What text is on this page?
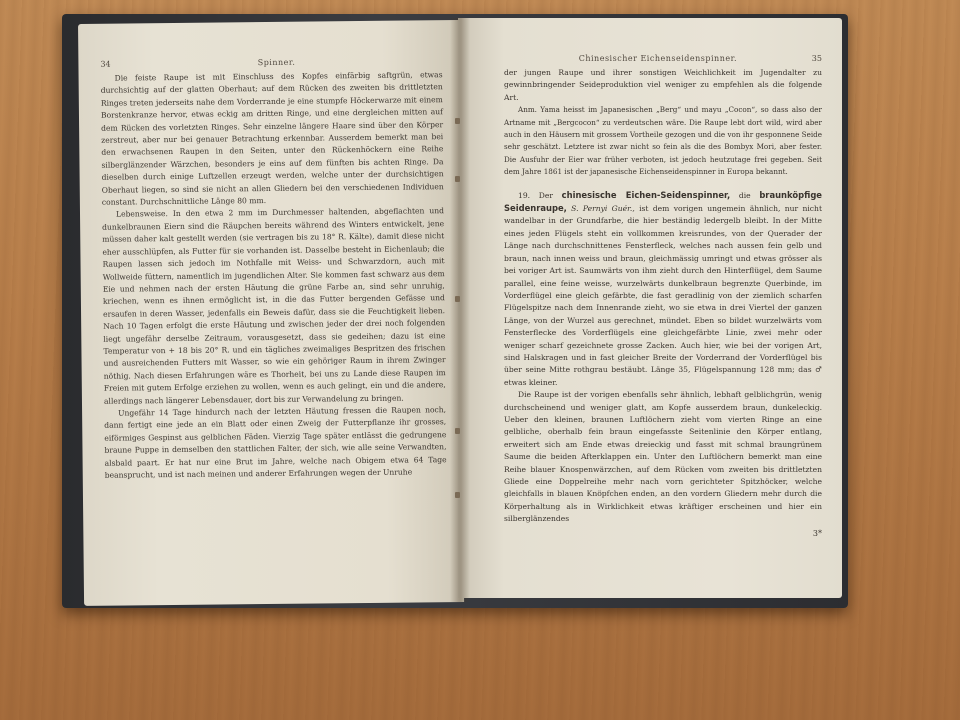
34	Spinner.

Die feiste Raupe ist mit Einschluss des Kopfes einfärbig saftgrün, etwas durchsichtig auf der glatten Oberhaut; auf dem Rücken des zweiten bis drittletzten Ringes treten jederseits nahe dem Vorderrande je eine stumpfe Höckerwarze mit einem Borstenkranze hervor, etwas eckig am dritten Ringe, und eine dergleichen mitten auf dem Rücken des vorletzten Ringes. Sehr einzelne längere Haare sind über den Körper zerstreut, aber nur bei genauer Betrachtung erkennbar. Ausserdem bemerkt man bei den erwachsenen Raupen in den Seiten, unter den Rückenhöckern eine Reihe silberglänzender Wärzchen, besonders je eins auf dem fünften bis achten Ringe. Da dieselben durch einige Luftzellen erzeugt werden, welche unter der durchsichtigen Oberhaut liegen, so sind sie nicht an allen Gliedern bei den verschiedenen Individuen constant. Durchschnittliche Länge 80 mm.

Lebensweise. In den etwa 2 mm im Durchmesser haltenden, abgeflachten und dunkelbraunen Eiern sind die Räupchen bereits während des Winters entwickelt, jene müssen daher kalt gestellt werden (sie vertragen bis zu 18° R. Kälte), damit diese nicht eher ausschlüpfen, als Futter für sie vorhanden ist. Dasselbe besteht in Eichenlaub; die Raupen lassen sich jedoch im Nothfalle mit Weiss- und Schwarzdorn, auch mit Wollweide füttern, namentlich im jugendlichen Alter. Sie kommen fast schwarz aus dem Eie und nehmen nach der ersten Häutung die grüne Farbe an, sind sehr unruhig, kriechen, wenn es ihnen ermöglicht ist, in die das Futter bergenden Gefässe und ersaufen in deren Wasser, jedenfalls ein Beweis dafür, dass sie die Feuchtigkeit lieben. Nach 10 Tagen erfolgt die erste Häutung und zwischen jeder der drei noch folgenden liegt ungefähr derselbe Zeitraum, vorausgesetzt, dass sie gedeihen; dazu ist eine Temperatur von + 18 bis 20° R. und ein tägliches zweimaliges Bespritzen des frischen und ausreichenden Futters mit Wasser, so wie ein gehöriger Raum in ihrem Zwinger nöthig. Nach diesen Erfahrungen wäre es Thorheit, bei uns zu Lande diese Raupen im Freien mit gutem Erfolge erziehen zu wollen, wenn es auch gelingt, ein und die andere, allerdings nach längerer Lebensdauer, dort bis zur Verwandelung zu bringen.

Ungefähr 14 Tage hindurch nach der letzten Häutung fressen die Raupen noch, dann fertigt eine jede an ein Blatt oder einen Zweig der Futterpflanze ihr grosses, eiförmiges Gespinst aus gelblichen Fäden. Vierzig Tage später entlässt die gedrungene braune Puppe in demselben den stattlichen Falter, der sich, wie alle seine Verwandten, alsbald paart. Er hat nur eine Brut im Jahre, welche nach Obigem etwa 64 Tage beansprucht, und ist nach meinen und anderer Erfahrungen wegen der Unruhe

Chinesischer Eichenseidenspinner.	35

der jungen Raupe und ihrer sonstigen Weichlichkeit im Jugendalter zu gewinnbringender Seideproduktion viel weniger zu empfehlen als die folgende Art.

Anm. Yama heisst im Japanesischen „Berg“ und mayu „Cocon“, so dass also der Artname mit „Bergcocon“ zu verdeutschen wäre. Die Raupe lebt dort wild, wird aber auch in den Häusern mit grossem Vortheile gezogen und die von ihr gesponnene Seide sehr geschätzt. Letztere ist zwar nicht so fein als die des Bombyx Mori, aber fester. Die Ausfuhr der Eier war früher verboten, ist jedoch heutzutage frei gegeben. Seit dem Jahre 1861 ist der japanesische Eichenseidenspinner in Europa bekannt.

19. Der chinesische Eichen-Seidenspinner, die braunköpfige Seidenraupe, S. Pernyi Guér., ist dem vorigen ungemein ähnlich, nur nicht wandelbar in der Grundfarbe, die hier beständig ledergelb bleibt. In der Mitte eines jeden Flügels steht ein vollkommen kreisrundes, von der Querader der Länge nach durchschnittenes Fensterfleck, welches nach aussen fein gelb und braun, nach innen weiss und braun, gleichmässig umringt und etwas grösser als bei voriger Art ist. Saumwärts von ihm zieht durch den Hinterflügel, dem Saume parallel, eine feine weisse, wurzelwärts dunkelbraun begrenzte Querbinde, im Vorderflügel eine gleich gefärbte, die fast geradlinig von der ziemlich scharfen Flügelspitze nach dem Innenrande zieht, wo sie etwa in drei Viertel der ganzen Länge, von der Wurzel aus gerechnet, mündet. Eben so bildet wurzelwärts vom Fensterflecke des Vorderflügels eine gleichgefärbte Linie, zwei mehr oder weniger scharf gezeichnete grosse Zacken. Auch hier, wie bei der vorigen Art, sind Halskragen und in fast gleicher Breite der Vorderrand der Vorderflügel bis über seine Mitte rothgrau bestäubt. Länge 35, Flügelspannung 128 mm; das ♂ etwas kleiner.

Die Raupe ist der vorigen ebenfalls sehr ähnlich, lebhaft gelblichgrün, wenig durchscheinend und weniger glatt, am Kopfe ausserdem braun, dunkeleckig. Ueber den kleinen, braunen Luftlöchern zieht vom vierten Ringe an eine gelbliche, oberhalb fein braun eingefasste Seitenlinie den Körper entlang, erweitert sich am Ende etwas dreieckig und fasst mit schmal braungrünem Saume die beiden Afterklappen ein. Unter den Luftlöchern bemerkt man eine Reihe blauer Knospenwärzchen, auf dem Rücken vom zweiten bis drittletzten Gliede eine Doppelreihe mehr nach vorn gerichteter Spitzhöcker, welche gleichfalls in blauen Knöpfchen enden, an den vordern Gliedern mehr durch die Körperhaltung als in Wirklichkeit etwas kräftiger erscheinen und hier ein silberglänzendes

3*
